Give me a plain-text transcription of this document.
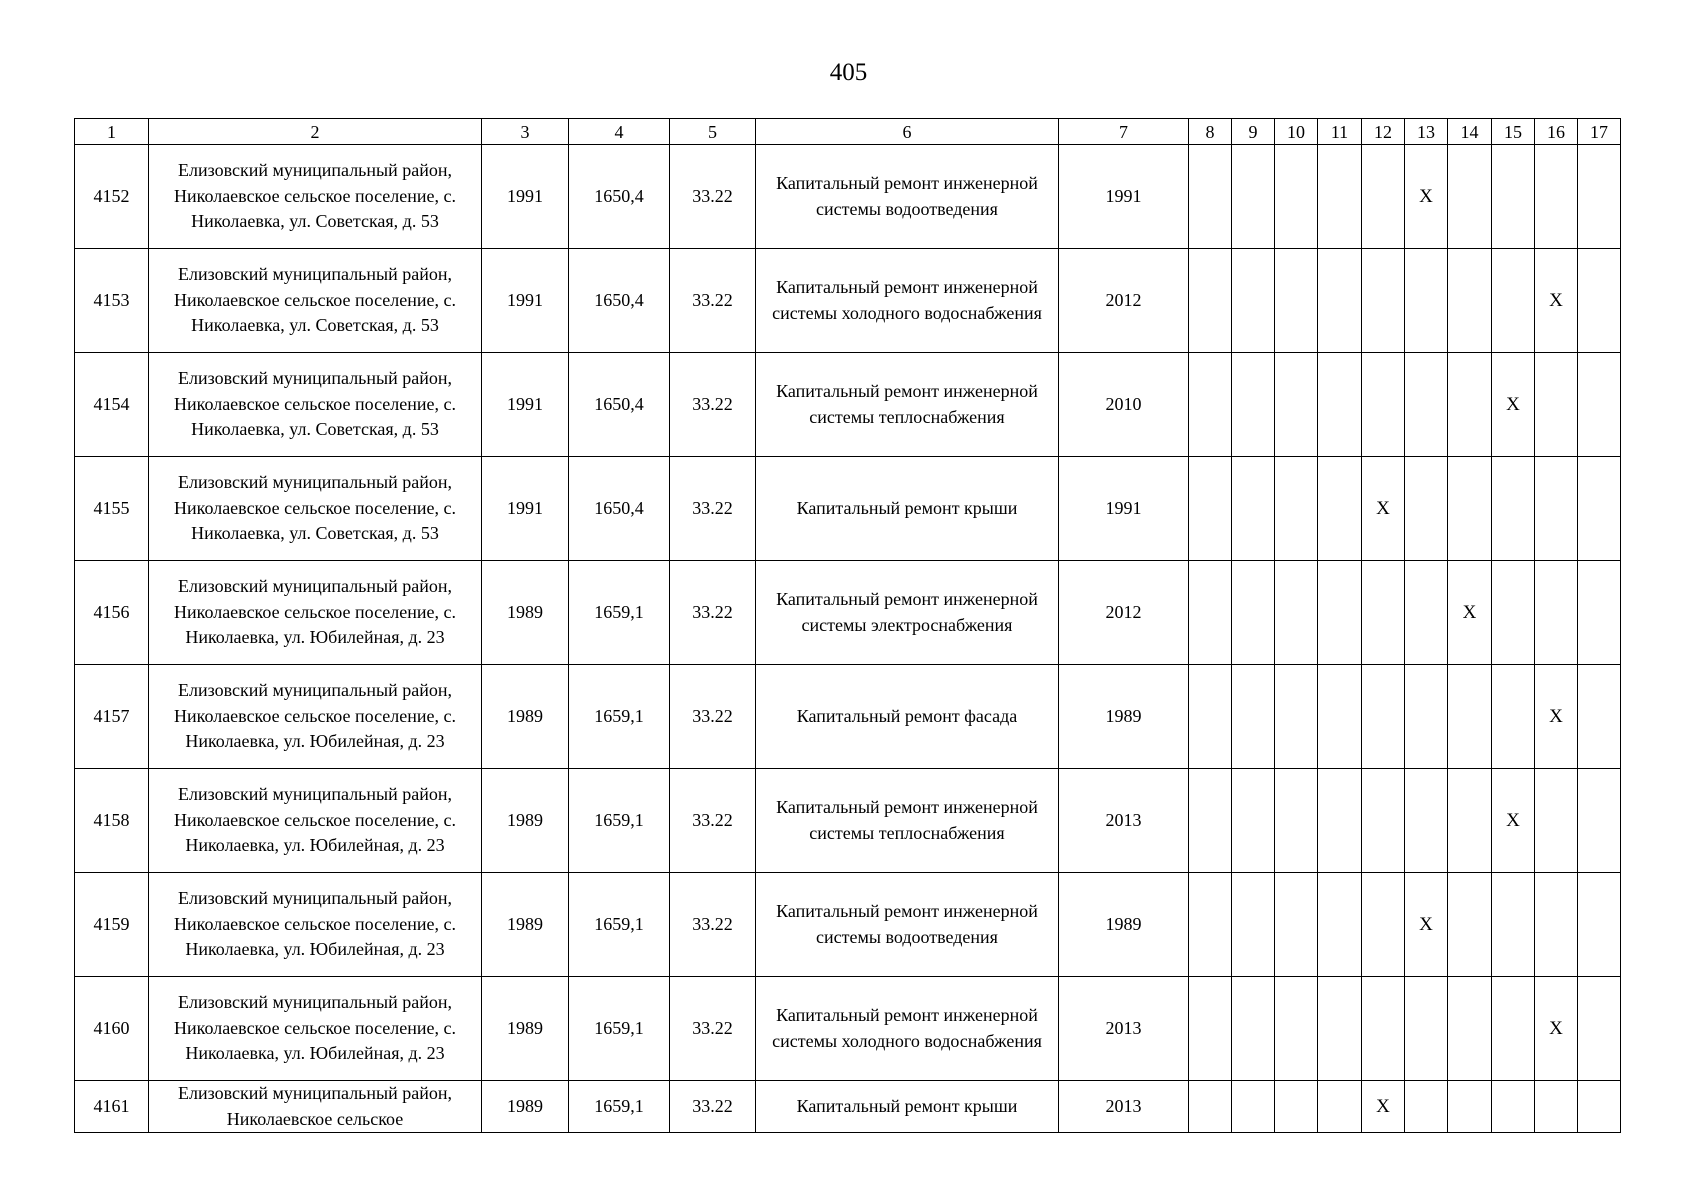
405
1	2	3	4	5	6	7	8	9	10	11	12	13	14	15	16	17
4152	Елизовский муниципальный район, Николаевское сельское поселение, с. Николаевка, ул. Советская, д. 53	1991	1650,4	33.22	Капитальный ремонт инженерной системы водоотведения	1991						X				
4153	Елизовский муниципальный район, Николаевское сельское поселение, с. Николаевка, ул. Советская, д. 53	1991	1650,4	33.22	Капитальный ремонт инженерной системы холодного водоснабжения	2012									X	
4154	Елизовский муниципальный район, Николаевское сельское поселение, с. Николаевка, ул. Советская, д. 53	1991	1650,4	33.22	Капитальный ремонт инженерной системы теплоснабжения	2010								X		
4155	Елизовский муниципальный район, Николаевское сельское поселение, с. Николаевка, ул. Советская, д. 53	1991	1650,4	33.22	Капитальный ремонт крыши	1991					X					
4156	Елизовский муниципальный район, Николаевское сельское поселение, с. Николаевка, ул. Юбилейная, д. 23	1989	1659,1	33.22	Капитальный ремонт инженерной системы электроснабжения	2012							X			
4157	Елизовский муниципальный район, Николаевское сельское поселение, с. Николаевка, ул. Юбилейная, д. 23	1989	1659,1	33.22	Капитальный ремонт фасада	1989									X	
4158	Елизовский муниципальный район, Николаевское сельское поселение, с. Николаевка, ул. Юбилейная, д. 23	1989	1659,1	33.22	Капитальный ремонт инженерной системы теплоснабжения	2013								X		
4159	Елизовский муниципальный район, Николаевское сельское поселение, с. Николаевка, ул. Юбилейная, д. 23	1989	1659,1	33.22	Капитальный ремонт инженерной системы водоотведения	1989						X				
4160	Елизовский муниципальный район, Николаевское сельское поселение, с. Николаевка, ул. Юбилейная, д. 23	1989	1659,1	33.22	Капитальный ремонт инженерной системы холодного водоснабжения	2013									X	
4161	Елизовский муниципальный район, Николаевское сельское	1989	1659,1	33.22	Капитальный ремонт крыши	2013					X					
